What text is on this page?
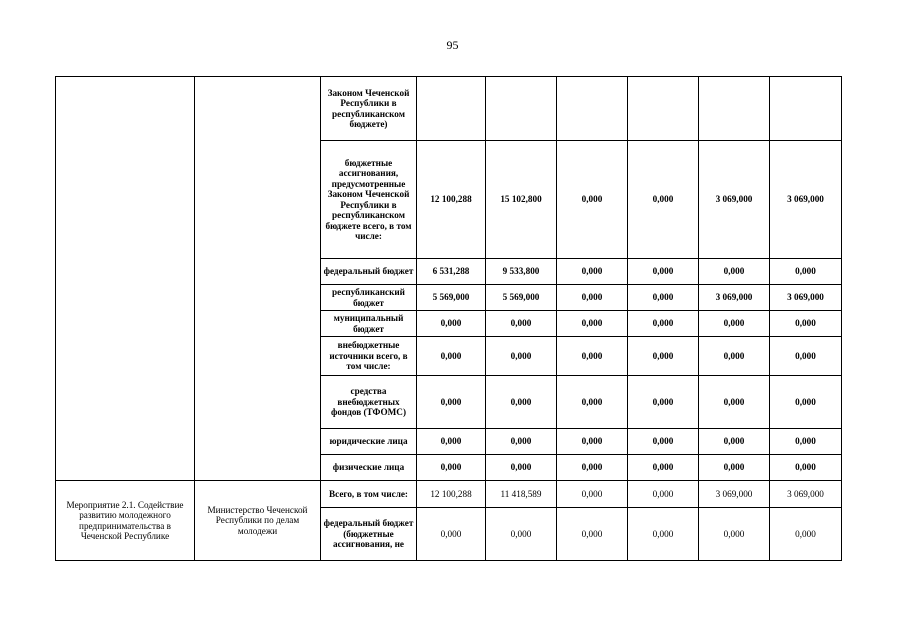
95
		Законом Чеченской Республики в республиканском бюджете)						
		бюджетные ассигнования, предусмотренные Законом Чеченской Республики в республиканском бюджете всего, в том числе:	12 100,288	15 102,800	0,000	0,000	3 069,000	3 069,000
		федеральный бюджет	6 531,288	9 533,800	0,000	0,000	0,000	0,000
		республиканский бюджет	5 569,000	5 569,000	0,000	0,000	3 069,000	3 069,000
		муниципальный бюджет	0,000	0,000	0,000	0,000	0,000	0,000
		внебюджетные источники всего, в том числе:	0,000	0,000	0,000	0,000	0,000	0,000
		средства внебюджетных фондов (ТФОМС)	0,000	0,000	0,000	0,000	0,000	0,000
		юридические лица	0,000	0,000	0,000	0,000	0,000	0,000
		физические лица	0,000	0,000	0,000	0,000	0,000	0,000
Мероприятие 2.1. Содействие развитию молодежного предпринимательства в Чеченской Республике	Министерство Чеченской Республики по делам молодежи	Всего, в том числе:	12 100,288	11 418,589	0,000	0,000	3 069,000	3 069,000
		федеральный бюджет (бюджетные ассигнования, не	0,000	0,000	0,000	0,000	0,000	0,000
